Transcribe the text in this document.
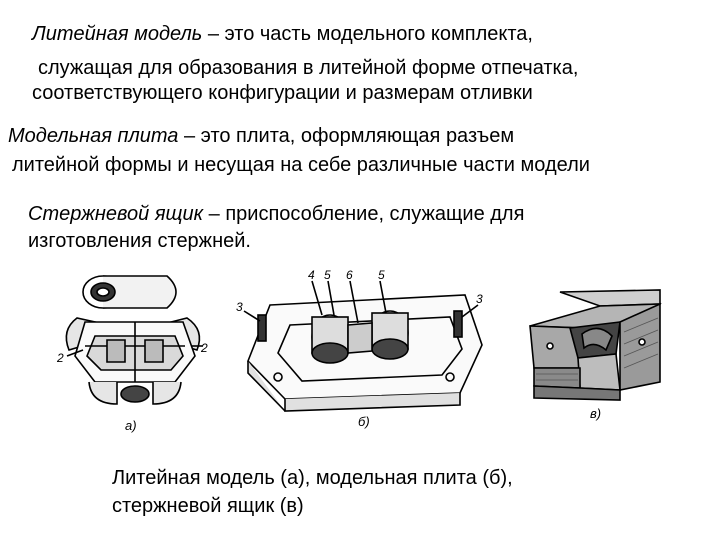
Литейная модель – это часть модельного комплекта,
служащая для образования в литейной форме отпечатка,
соответствующего конфигурации и размерам отливки
Модельная плита – это плита, оформляющая разъем
литейной формы и несущая на себе различные части модели
Стержневой ящик – приспособление, служащие для
изготовления стержней.
2
2
а)
3
4 5 6 5
3
б)
в)
Литейная модель (а), модельная плита (б),
стержневой ящик (в)
